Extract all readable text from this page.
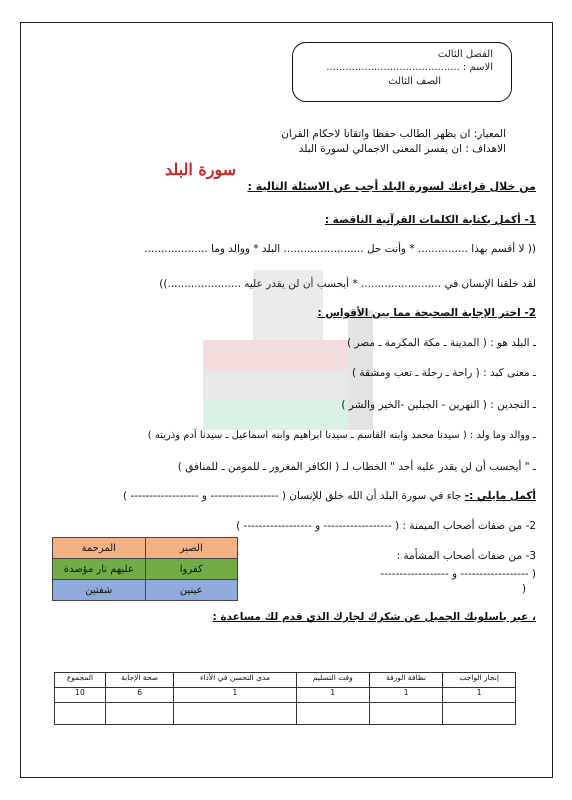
الفصل الثالث
الاسم : ..........................................
الصف الثالث
المعيار: ان يظهر الطالب حفظا واتقانا لاحكام القران
الاهداف : ان يفسر المعنى الاجمالي لسورة البلد
سورة البلد
من خلال قراءتك لسورة البلد أجب عن الاسئلة التالية :
1- أكمل بكتابة الكلمات القرآنية الناقصة :
(( لا أقسم بهذا ............... * وأنت حل ........................ البلد * ووالد وما ...................
لقد خلقنا الإنسان في ........................ * أيحسب أن لن يقدر عليه ......................))
2- اختر الإجابة الصحيحة مما بين الأقواس :
ـ البلد هو : ( المدينة ـ مكة المكرمة ـ مصر )
ـ معنى كبد : ( راحة ـ رحلة ـ تعب ومشقة )
ـ النجدين : ( النهرين - الجبلين -الخير والشر )
ـ ووالد وما ولد : ( سيدنا محمد وابنه القاسم ـ سيدنا ابراهيم وابنه اسماعيل ـ سيدنا آدم وذريته )
ـ " أيحسب أن لن يقدر عليه أحد " الخطاب لـ ( الكافر المغرور ـ للمومن ـ للمنافق )
أكمل مايلي :- جاء في سورة البلد أن الله خلق للإنسان ( ------------------ و ------------------ )
2- من صفات أصحاب الميمنة : ( ------------------ و ------------------ )
3- من صفات أصحاب المشأمة :
( ------------------ و ------------------
)
المرحمة	الصبر
عليهم نار مؤصدة	كفروا
شفتين	عينين
، عبر باسلوبك الجميل عن شكرك لجارك الذي قدم لك مساعدة :
المجموع	صحة الإجابة	مدى التحسن في الأداء	وقت التسليم	نظافة الورقة	إنجاز الواجب
10	6	1	1	1	1
